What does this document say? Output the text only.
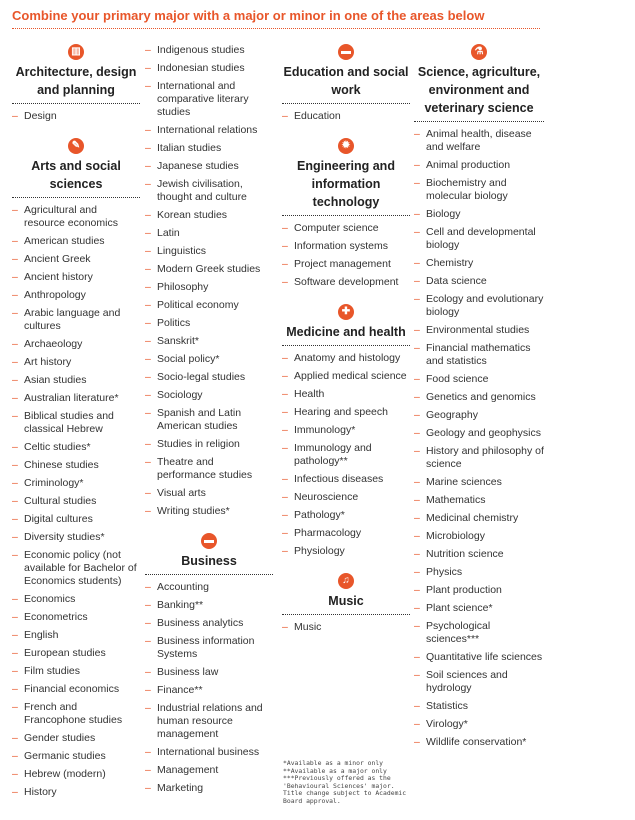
Combine your primary major with a major or minor in one of the areas below
▥
Architecture, design and planning
– Design
✎
Arts and social sciences
– Agricultural and resource economics
– American studies
– Ancient Greek
– Ancient history
– Anthropology
– Arabic language and cultures
– Archaeology
– Art history
– Asian studies
– Australian literature*
– Biblical studies and classical Hebrew
– Celtic studies*
– Chinese studies
– Criminology*
– Cultural studies
– Digital cultures
– Diversity studies*
– Economic policy (not available for Bachelor of Economics students)
– Economics
– Econometrics
– English
– European studies
– Film studies
– Financial economics
– French and Francophone studies
– Gender studies
– Germanic studies
– Hebrew (modern)
– History
– Indigenous studies
– Indonesian studies
– International and comparative literary studies
– International relations
– Italian studies
– Japanese studies
– Jewish civilisation, thought and culture
– Korean studies
– Latin
– Linguistics
– Modern Greek studies
– Philosophy
– Political economy
– Politics
– Sanskrit*
– Social policy*
– Socio-legal studies
– Sociology
– Spanish and Latin American studies
– Studies in religion
– Theatre and performance studies
– Visual arts
– Writing studies*
▬
Business
– Accounting
– Banking**
– Business analytics
– Business information Systems
– Business law
– Finance**
– Industrial relations and human resource management
– International business
– Management
– Marketing
▬
Education and social work
– Education
✹
Engineering and information technology
– Computer science
– Information systems
– Project management
– Software development
✚
Medicine and health
– Anatomy and histology
– Applied medical science
– Health
– Hearing and speech
– Immunology*
– Immunology and pathology**
– Infectious diseases
– Neuroscience
– Pathology*
– Pharmacology
– Physiology
♫
Music
– Music
⚗
Science, agriculture, environment and veterinary science
– Animal health, disease and welfare
– Animal production
– Biochemistry and molecular biology
– Biology
– Cell and developmental biology
– Chemistry
– Data science
– Ecology and evolutionary biology
– Environmental studies
– Financial mathematics and statistics
– Food science
– Genetics and genomics
– Geography
– Geology and geophysics
– History and philosophy of science
– Marine sciences
– Mathematics
– Medicinal chemistry
– Microbiology
– Nutrition science
– Physics
– Plant production
– Plant science*
– Psychological sciences***
– Quantitative life sciences
– Soil sciences and hydrology
– Statistics
– Virology*
– Wildlife conservation*
*Available as a minor only
**Available as a major only
***Previously offered as the 'Behavioural Sciences' major. Title change subject to Academic Board approval.
